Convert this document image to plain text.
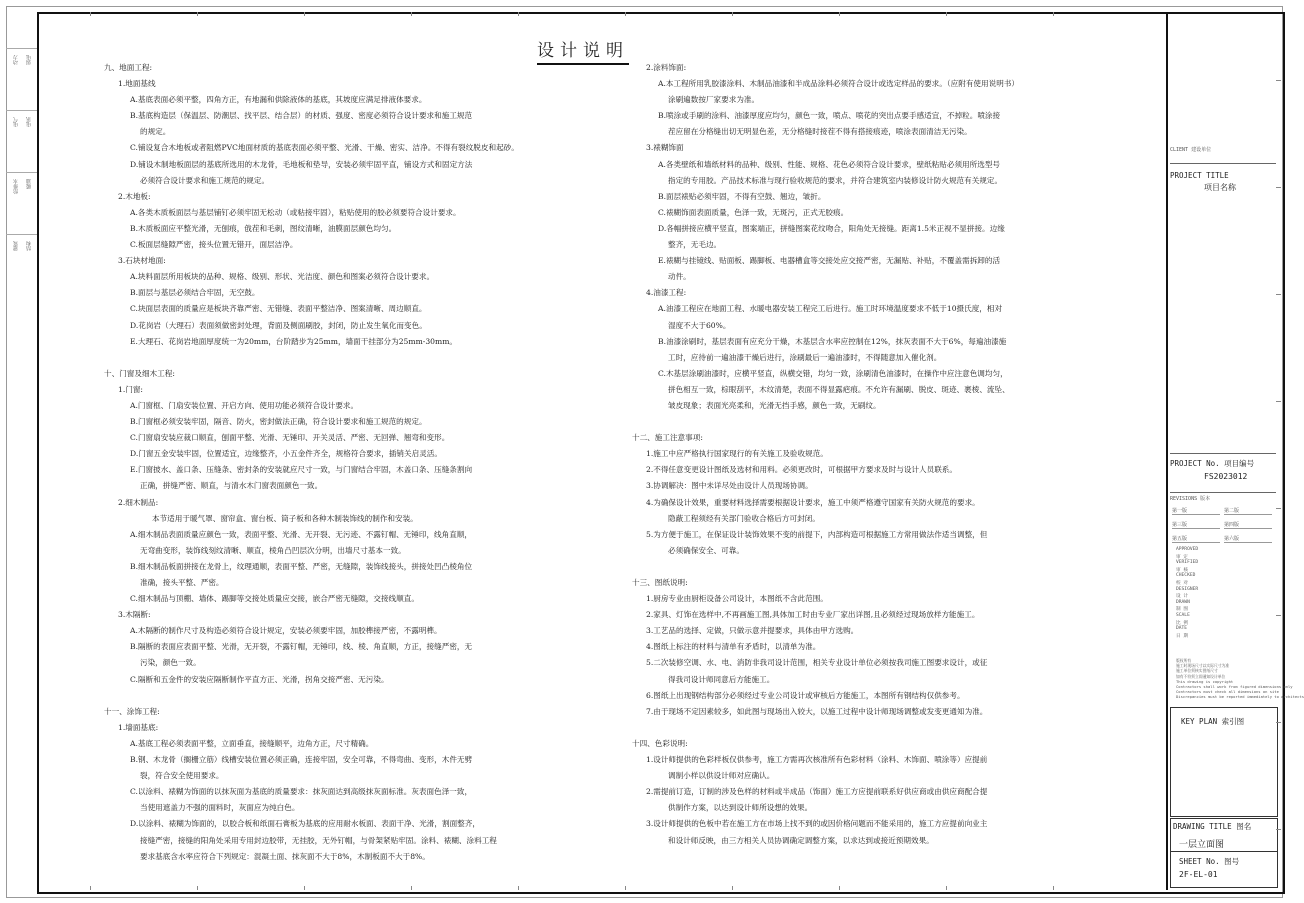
动力 弱电
电气 电讯
给排水 暖通
建筑 结构
设计说明
九、地面工程:
1.地面基线
A.基底表面必须平整，四角方正，有地漏和供除液体的基底，其坡度应满足排液体要求。
B.基底构造层（保温层、防潮层、找平层、结合层）的材质、强度、密度必须符合设计要求和施工规范
的规定。
C.铺设复合木地板或者阻燃PVC地面材质的基底表面必须平整、光滑、干燥、密实、洁净。不得有裂纹脱皮和起砂。
D.铺设木制地板面层的基底所选用的木龙骨，毛地板和垫导，安装必须牢固平直，铺设方式和固定方法
必须符合设计要求和施工规范的规定。
2.木地板:
A.各类木质板面层与基层铺钉必须牢固无松动（或粘接牢固），粘贴使用的胶必须要符合设计要求。
B.木质板面应平整光滑，无刨痕，戗茬和毛刺，图纹清晰，油膜面层颜色均匀。
C.板面层缝隙严密，接头位置无错开，面层洁净。
3.石块材地面:
A.块料面层所用板块的品种、规格、级别、形状、光洁度、颜色和图案必须符合设计要求。
B.面层与基层必须结合牢固，无空鼓。
C.块面层表面的质量应是板块齐靠严密、无错缝、表面平整洁净、图案清晰、周边顺直。
D.花岗岩（大理石）表面须做密封处理，背面及侧面刷胶，封闭，防止发生氧化而变色。
E.大理石、花岗岩地面厚度统一为20mm，台阶踏步为25mm，墙面干挂部分为25mm-30mm。
十、门窗及细木工程:
1.门窗:
A.门窗框、门扇安装位置、开启方向、使用功能必须符合设计要求。
B.门窗框必须安装牢固，隔音、防火，密封做法正确，符合设计要求和施工规范的规定。
C.门窗扇安装应裁口顺直，刨面平整、光滑、无锤印、开关灵活、严密、无回弹、翘弯和变形。
D.门窗五金安装牢固，位置适宜，边缘整齐，小五金件齐全，规格符合要求，插销关启灵活。
E.门窗披水、盖口条、压缝条、密封条的安装就应尺寸一致，与门窗结合牢固，木盖口条、压缝条割向
正确，拼缝严密、顺直，与清水木门窗表面颜色一致。
2.细木制品:
本节适用于暖气罩、窗帘盒、窗台板、筒子板和各种木制装饰线的制作和安装。
A.细木制品表面质量应颜色一致，表面平整、光滑、无开裂、无污迹、不露钉帽、无锤印，线角直顺，
无弯曲变形，装饰线刻纹清晰、顺直，棱角凸凹层次分明，出墙尺寸基本一致。
B.细木制品板面拼接在龙骨上，纹理通顺，表面平整、严密，无缝隙，装饰线接头，拼接处凹凸棱角位
准确，接头平整、严密。
C.细木制品与顶棚、墙体、踢脚等交接处质量应交接，嵌合严密无缝隙，交接线顺直。
3.木隔断:
A.木隔断的制作尺寸及构造必须符合设计规定，安装必须要牢固，加胶榫接严密，不露明榫。
B.隔断的表面应表面平整、光滑，无开裂，不露钉帽，无锤印，线、棱、角直顺，方正，接缝严密，无
污染，颜色一致。
C.隔断和五金件的安装应隔断制作平直方正、光滑，拐角交接严密、无污染。
十一、涂饰工程:
1.墙面基底:
A.基底工程必须表面平整，立面垂直，接缝顺平，边角方正，尺寸精确。
B.钢、木龙骨（搁栅立筋）线槽安装位置必须正确，连接牢固，安全可靠，不得弯曲、变形，木件无劈
裂，符合安全使用要求。
C.以涂料、裱糊为饰面的以抹灰面为基底的质量要求：抹灰面达到高级抹灰面标准。灰表面色泽一致，
当使用遮盖力不强的面料时，灰面应为纯白色。
D.以涂料、裱糊为饰面的，以胶合板和纸面石膏板为基底的应用耐水板面、表面干净、光滑，割面整齐，
接缝严密，接缝的阳角处采用专用封边胶带，无挂胶，无外钉帽，与骨架紧贴牢固。涂料、裱糊、涂料工程
要求基底含水率应符合下列规定：混凝土面、抹灰面不大于8%，木制板面不大于8%。
2.涂料饰面:
A.本工程所用乳胶漆涂料、木制品油漆和半成品涂料必须符合设计或选定样品的要求。（应附有使用说明书）
涂刷遍数按厂家要求为准。
B.喷涂或手刷的涂料、油漆厚度应均匀，颜色一致，喷点、喷花的突出点要手感适宜，不掉粒。喷涂接
茬应留在分格缝出切无明显色差，无分格缝时接茬不得有搭接痕迹，喷涂表面清洁无污染。
3.裱糊饰面
A.各类壁纸和墙纸材料的品种、级别、性能、规格、花色必须符合设计要求，壁纸粘贴必须用所选型号
指定的专用胶。产品技术标准与现行验收规范的要求，并符合建筑室内装修设计防火规范有关规定。
B.面层裱贴必须牢固，不得有空鼓、翘边，皱折。
C.裱糊饰面表面质量，色泽一致，无斑污，正式无胶痕。
D.各幅拼接应横平竖直，图案端正，拼缝图案花纹吻合，阳角处无接缝。距离1.5米正视不显拼接。边缘
整齐，无毛边。
E.裱糊与挂镜线、贴面板、踢脚板、电器槽盒等交接处应交接严密，无漏贴、补贴，不覆盖需拆卸的活
动件。
4.油漆工程:
A.油漆工程应在地面工程、水暖电器安装工程完工后进行。施工时环境温度要求不低于10摄氏度，相对
湿度不大于60%。
B.油漆涂刷时，基层表面有应充分干燥，木基层含水率应控制在12%，抹灰表面不大于6%，每遍油漆施
工时，应待前一遍油漆干燥后进行，涂刷最后一遍油漆时，不得随意加入催化剂。
C.木基层涂刷油漆时，应横平竖直，纵横交错，均匀一致，涂刷清色油漆时，在操作中应注意色调均匀，
拼色相互一致，棕眼刮平，木纹清楚，表面不得显露疤痕。不允许有漏刷、脱皮、斑迹、裹棱、流坠、
皱皮现象；表面光亮柔和，光滑无挡手感，颜色一致，无刷纹。
十二、施工注意事项:
1.施工中应严格执行国家现行的有关施工及验收规范。
2.不得任意变更设计图纸及选材和用料。必须更改时，可根据甲方要求及时与设计人员联系。
3.协调解决：图中未详尽处由设计人员现场协调。
4.为确保设计效果，重要材料选择需要根据设计要求，施工中须严格遵守国家有关防火规范的要求。
隐蔽工程须经有关部门验收合格后方可封闭。
5.为方便于施工，在保证设计装饰效果不变的前提下，内部构造可根据施工方常用做法作适当调整，但
必须确保安全、可靠。
十三、图纸说明:
1.厨房专业由厨柜设备公司设计，本图纸不含此范围。
2.家具、灯饰在选样中,不再画施工图,具体加工时由专业厂家出详图,且必须经过现场放样方能施工。
3.工艺品的选择、定做，只做示意并提要求，具体由甲方选购。
4.图纸上标注的材料与清单有矛盾时，以清单为准。
5.二次装修空调、水、电、消防非我司设计范围，相关专业设计单位必须按我司施工图要求设计，或征
得我司设计师同意后方能施工。
6.图纸上出现钢结构部分必须经过专业公司设计或审核后方能施工，本图所有钢结构仅供参考。
7.由于现场不定因素较多，如此图与现场出入较大，以施工过程中设计师现场调整或发变更通知为准。
十四、色彩说明:
1.设计师提供的色彩样板仅供参考，施工方需再次核准所有色彩材料（涂料、木饰面、喷涂等）应提前
调制小样以供设计师对应确认。
2.需提前订造，订制的涉及色样的材料或半成品（饰面）施工方应提前联系好供应商或由供应商配合提
供制作方案，以达到设计师所设想的效果。
3.设计师提供的色板中若在施工方在市场上找不到的或因价格问题而不能采用的，施工方应提前向业主
和设计师反映，由三方相关人员协调确定调整方案，以求达到或接近预期效果。
CLIENT 建设单位
PROJECT TITLE
项目名称
PROJECT No. 项目编号
FS2023012
REVISIONS 版本
第一版	第二版
第三版	第四版
第五版	第六版
APPROVED
审 定
VERIFIED
审 核
CHECKED
校 对
DESIGNER
设 计
DRAWN
制 图
SCALE
比 例
DATE
日 期
版权所有
施工时现场尺寸以实际尺寸为准
施工单位须核实图纸尺寸
如有不符须立即通知设计单位
This drawing is copyright
Contractors shall work from figured dimensions only
Contractors must check all dimensions on site
Discrepancies must be reported immediately to architects
KEY PLAN 索引图
DRAWING TITLE 图名
一层立面图
SHEET No. 图号
2F-EL-01
